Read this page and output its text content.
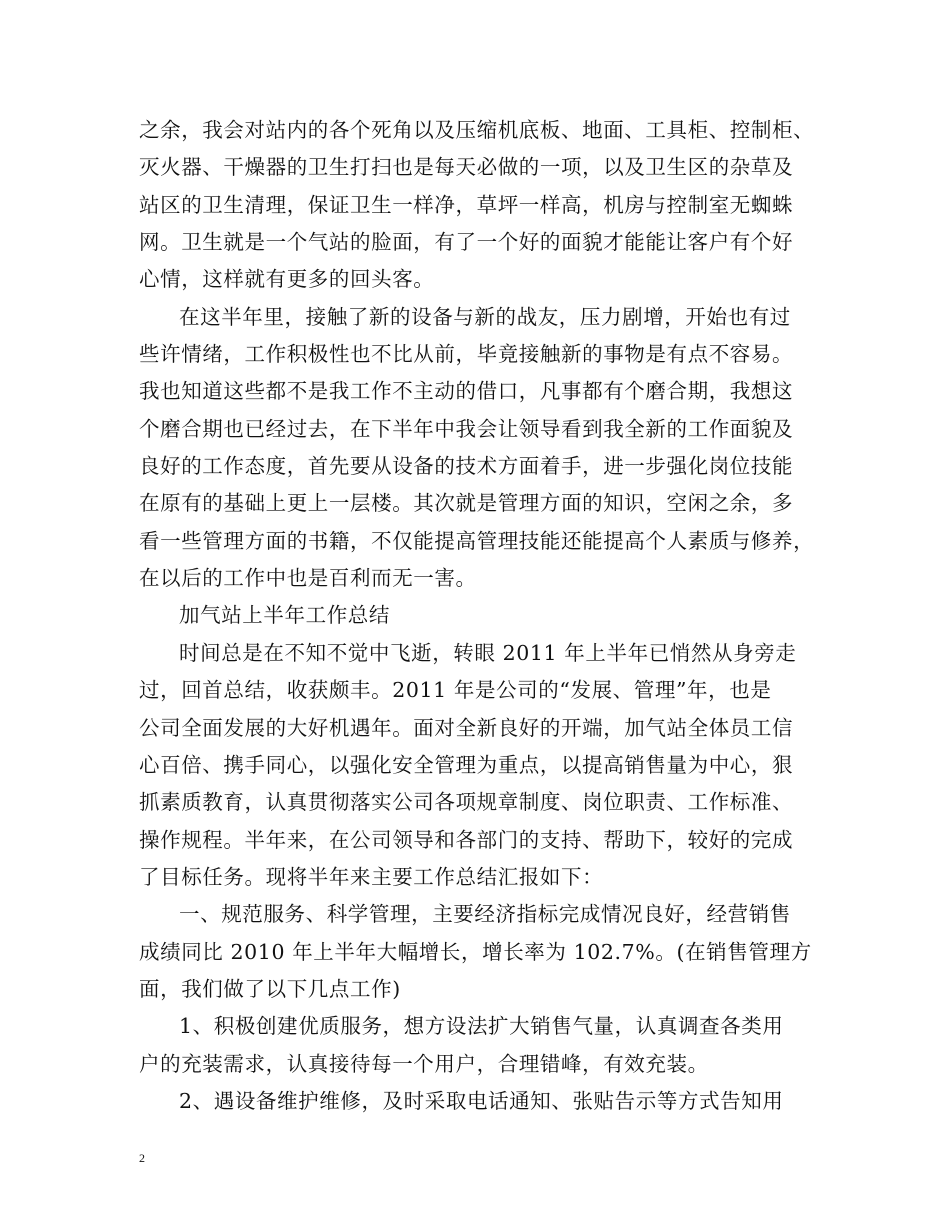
之余，我会对站内的各个死角以及压缩机底板、地面、工具柜、控制柜、
灭火器、干燥器的卫生打扫也是每天必做的一项，以及卫生区的杂草及
站区的卫生清理，保证卫生一样净，草坪一样高，机房与控制室无蜘蛛
网。卫生就是一个气站的脸面，有了一个好的面貌才能能让客户有个好
心情，这样就有更多的回头客。
在这半年里，接触了新的设备与新的战友，压力剧增，开始也有过
些许情绪，工作积极性也不比从前，毕竟接触新的事物是有点不容易。
我也知道这些都不是我工作不主动的借口，凡事都有个磨合期，我想这
个磨合期也已经过去，在下半年中我会让领导看到我全新的工作面貌及
良好的工作态度，首先要从设备的技术方面着手，进一步强化岗位技能
在原有的基础上更上一层楼。其次就是管理方面的知识，空闲之余，多
看一些管理方面的书籍，不仅能提高管理技能还能提高个人素质与修养，
在以后的工作中也是百利而无一害。
加气站上半年工作总结
时间总是在不知不觉中飞逝，转眼 2011 年上半年已悄然从身旁走
过，回首总结，收获颇丰。2011 年是公司的“发展、管理”年，也是
公司全面发展的大好机遇年。面对全新良好的开端，加气站全体员工信
心百倍、携手同心，以强化安全管理为重点，以提高销售量为中心，狠
抓素质教育，认真贯彻落实公司各项规章制度、岗位职责、工作标准、
操作规程。半年来，在公司领导和各部门的支持、帮助下，较好的完成
了目标任务。现将半年来主要工作总结汇报如下：
一、规范服务、科学管理，主要经济指标完成情况良好，经营销售
成绩同比 2010 年上半年大幅增长，增长率为 102.7%。(在销售管理方
面，我们做了以下几点工作)
1、积极创建优质服务，想方设法扩大销售气量，认真调查各类用
户的充装需求，认真接待每一个用户，合理错峰，有效充装。
2、遇设备维护维修，及时采取电话通知、张贴告示等方式告知用
2
